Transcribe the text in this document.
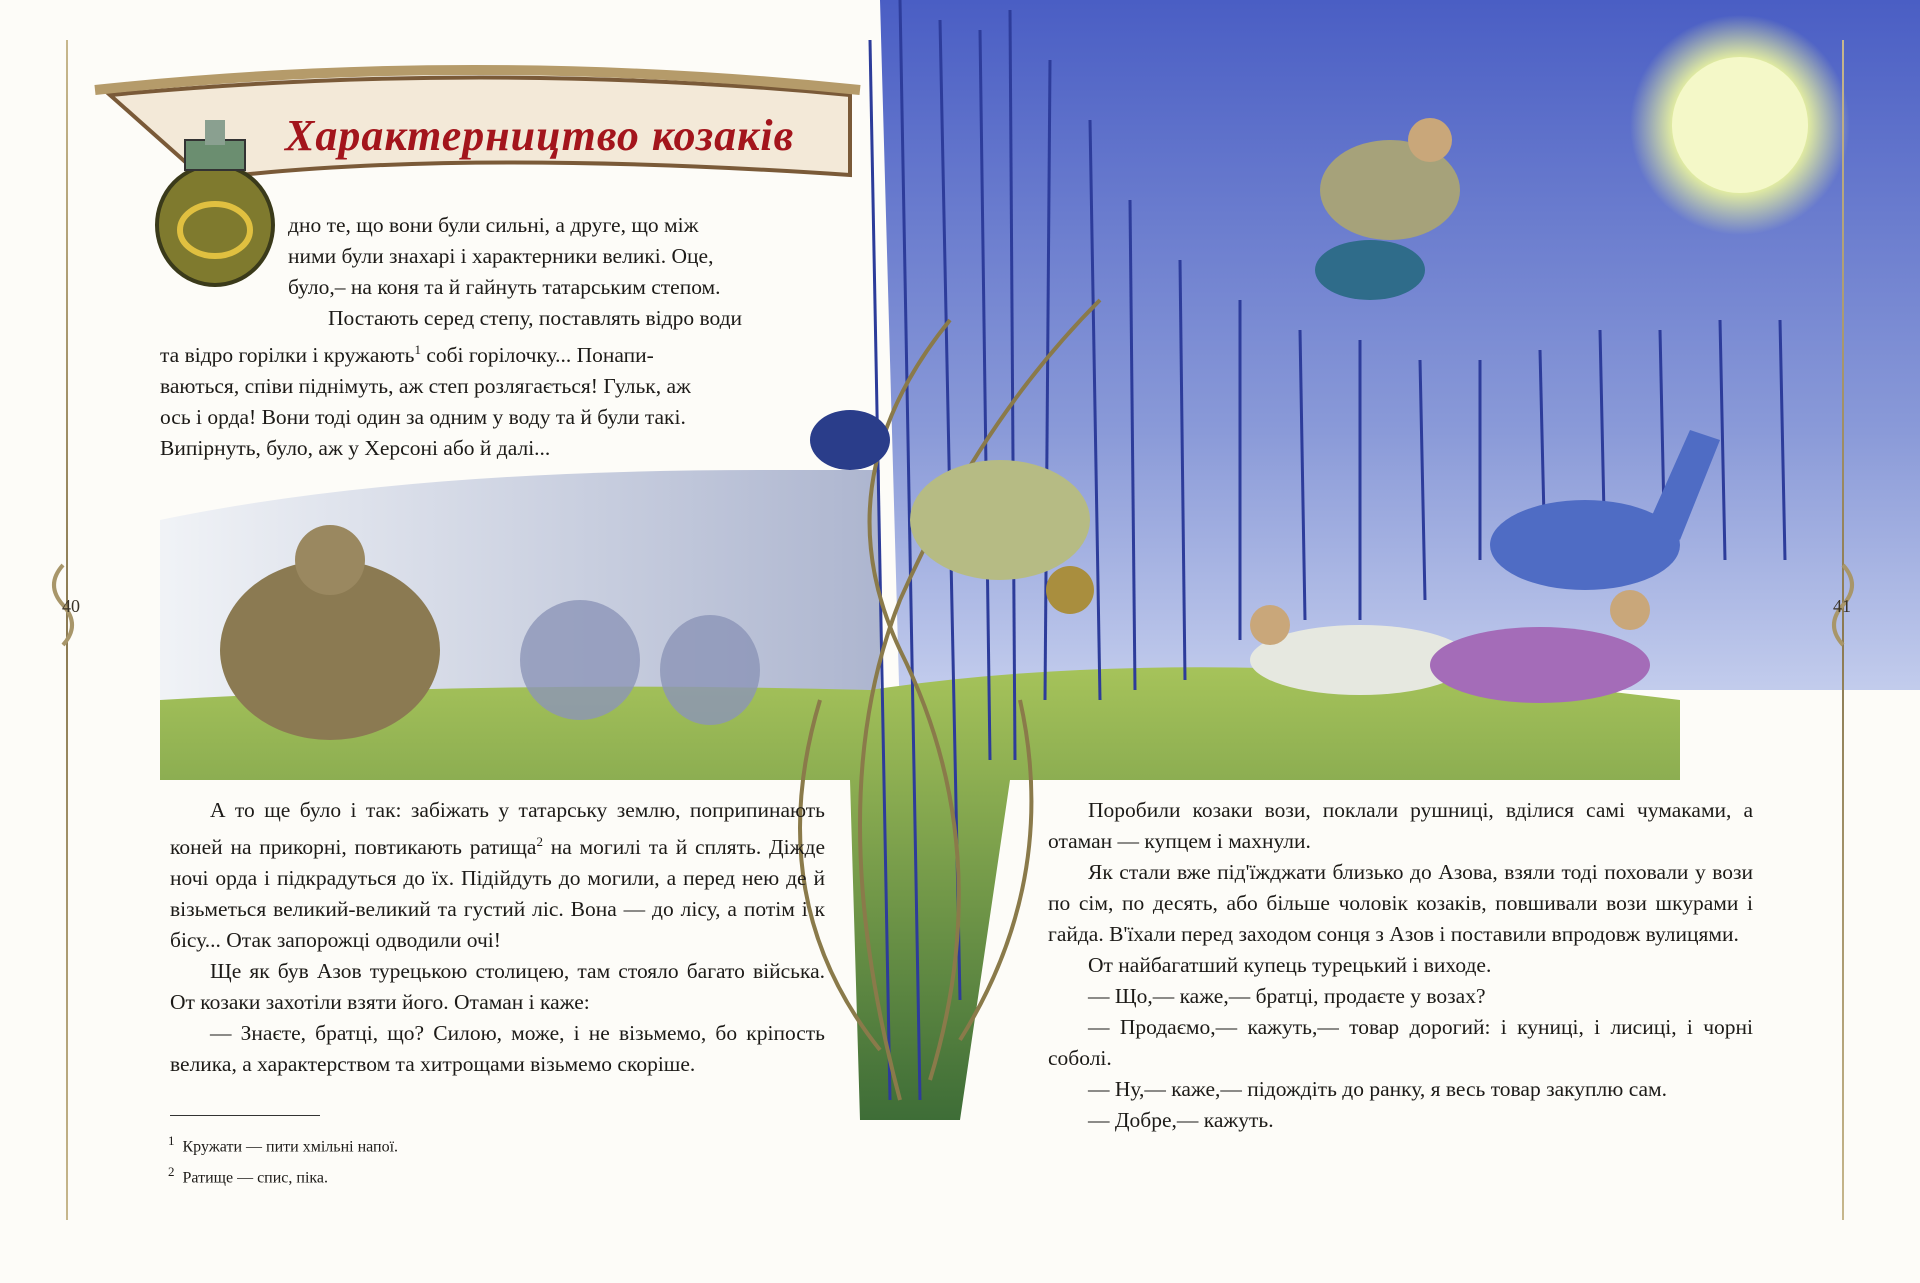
Характерництво козаків
40	41
дно те, що вони були сильні, а друге, що між
ними були знахарі і характерники великі. Оце,
було,– на коня та й гайнуть татарським степом.
Постають серед степу, поставлять відро води
та відро горілки і кружають$^1$ собі горілочку... Понапи-
ваються, співи піднімуть, аж степ розлягається! Гульк, аж
ось і орда! Вони тоді один за одним у воду та й були такі.
Випірнуть, було, аж у Херсоні або й далі...

А то ще було і так: забіжать у татарську землю, поприпинають коней на прикорні, повтикають ратища$^2$ на могилі та й сплять. Діжде ночі орда і підкрадуться до їх. Підійдуть до могили, а перед нею де й візьметься великий-великий та густий ліс. Вона — до лісу, а потім і к бісу... Отак запорожці одводили очі!

Ще як був Азов турецькою столицею, там стояло багато війська. От козаки захотіли взяти його. Отаман і каже:

— Знаєте, братці, що? Силою, може, і не візьмемо, бо кріпость велика, а характерством та хитрощами візьмемо скоріше.

$^1$ Кружати — пити хмільні напої.
$^2$ Ратище — спис, піка.

Поробили козаки вози, поклали рушниці, вділися самі чумаками, а отаман — купцем і махнули.

Як стали вже під'їжджати близько до Азова, взяли тоді поховали у вози по сім, по десять, або більше чоловік козаків, повшивали вози шкурами і гайда. В'їхали перед заходом сонця з Азов і поставили впродовж вулицями.

От найбагатший купець турецький і виходе.

— Що,— каже,— братці, продаєте у возах?

— Продаємо,— кажуть,— товар дорогий: і куниці, і лисиці, і чорні соболі.

— Ну,— каже,— підождіть до ранку, я весь товар закуплю сам.

— Добре,— кажуть.
